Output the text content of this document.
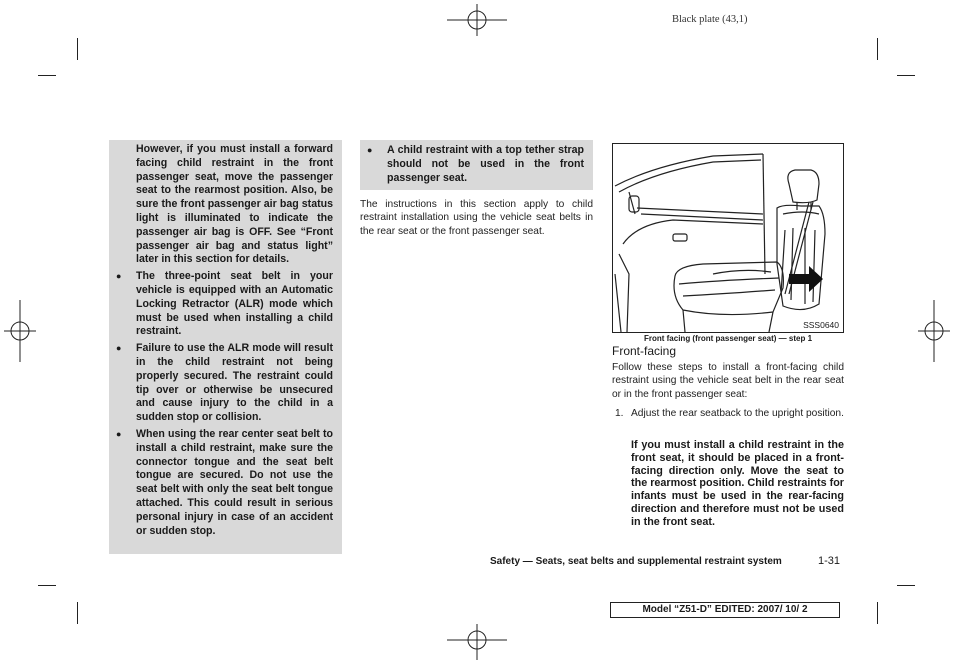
Black plate (43,1)

However, if you must install a forward facing child restraint in the front passenger seat, move the passenger seat to the rearmost position. Also, be sure the front passenger air bag status light is illuminated to indicate the passenger air bag is OFF. See “Front passenger air bag and status light” later in this section for details.

● The three-point seat belt in your vehicle is equipped with an Automatic Locking Retractor (ALR) mode which must be used when installing a child restraint.
● Failure to use the ALR mode will result in the child restraint not being properly secured. The restraint could tip over or otherwise be unsecured and cause injury to the child in a sudden stop or collision.
● When using the rear center seat belt to install a child restraint, make sure the connector tongue and the seat belt tongue are secured. Do not use the seat belt with only the seat belt tongue attached. This could result in serious personal injury in case of an accident or sudden stop.
● A child restraint with a top tether strap should not be used in the front passenger seat.
The instructions in this section apply to child restraint installation using the vehicle seat belts in the rear seat or the front passenger seat.
SSS0640
Front facing (front passenger seat) — step 1
Front-facing
Follow these steps to install a front-facing child restraint using the vehicle seat belt in the rear seat or in the front passenger seat:
1. Adjust the rear seatback to the upright position.
If you must install a child restraint in the front seat, it should be placed in a front-facing direction only. Move the seat to the rearmost position. Child restraints for infants must be used in the rear-facing direction and therefore must not be used in the front seat.
Safety — Seats, seat belts and supplemental restraint system	1-31
Model “Z51-D” EDITED: 2007/ 10/ 2
